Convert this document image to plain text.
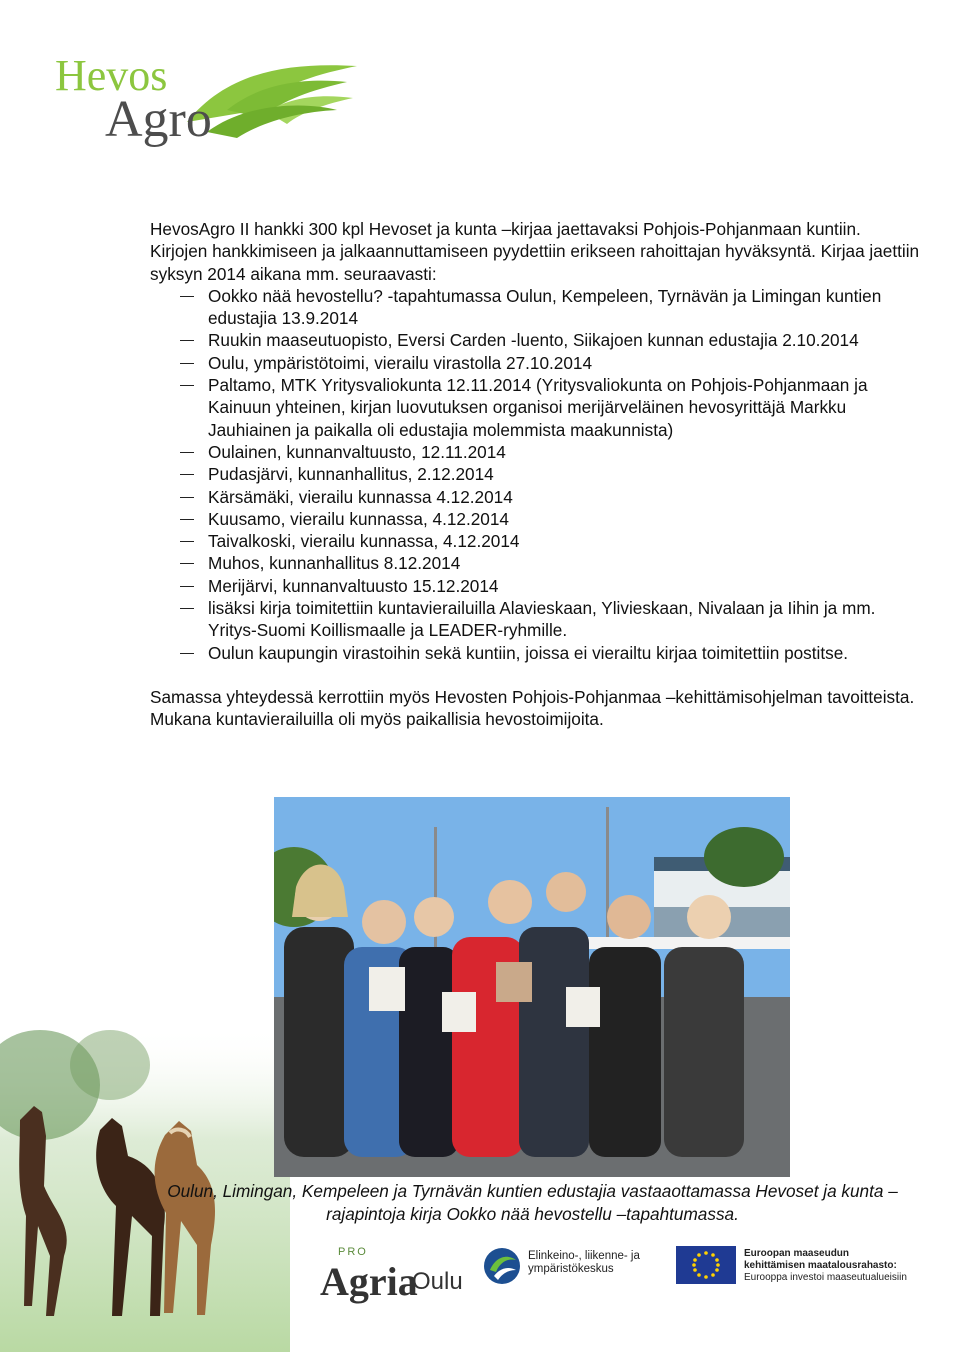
Hevos
Agro

HevosAgro II hankki 300 kpl Hevoset ja kunta –kirjaa jaettavaksi Pohjois-Pohjanmaan kuntiin. Kirjojen hankkimiseen ja jalkaannuttamiseen pyydettiin erikseen rahoittajan hyväksyntä. Kirjaa jaettiin syksyn 2014 aikana mm. seuraavasti:

Ookko nää hevostellu? -tapahtumassa Oulun, Kempeleen, Tyrnävän ja Limingan kuntien edustajia 13.9.2014
Ruukin maaseutuopisto, Eversi Carden -luento, Siikajoen kunnan edustajia 2.10.2014
Oulu, ympäristötoimi, vierailu virastolla 27.10.2014
Paltamo, MTK Yritysvaliokunta 12.11.2014 (Yritysvaliokunta on Pohjois-Pohjanmaan ja Kainuun yhteinen, kirjan luovutuksen organisoi merijärveläinen hevosyrittäjä Markku Jauhiainen ja paikalla oli edustajia molemmista maakunnista)
Oulainen, kunnanvaltuusto, 12.11.2014
Pudasjärvi, kunnanhallitus, 2.12.2014
Kärsämäki, vierailu kunnassa 4.12.2014
Kuusamo, vierailu kunnassa, 4.12.2014
Taivalkoski, vierailu kunnassa, 4.12.2014
Muhos, kunnanhallitus 8.12.2014
Merijärvi, kunnanvaltuusto 15.12.2014
lisäksi kirja toimitettiin kuntavierailuilla Alavieskaan, Ylivieskaan, Nivalaan ja Iihin ja mm. Yritys-Suomi Koillismaalle ja LEADER-ryhmille.
Oulun kaupungin virastoihin sekä kuntiin, joissa ei vierailtu kirjaa toimitettiin postitse.

Samassa yhteydessä kerrottiin myös Hevosten Pohjois-Pohjanmaa –kehittämisohjelman tavoitteista. Mukana kuntavierailuilla oli myös paikallisia hevostoimijoita.

Oulun, Limingan, Kempeleen ja Tyrnävän kuntien edustajia vastaaottamassa Hevoset ja kunta –rajapintoja kirja Ookko nää hevostellu –tapahtumassa.
PRO
Agria
Oulu
Elinkeino-, liikenne- ja ympäristökeskus
Euroopan maaseudun
kehittämisen maatalousrahasto:
Eurooppa investoi maaseutualueisiin
